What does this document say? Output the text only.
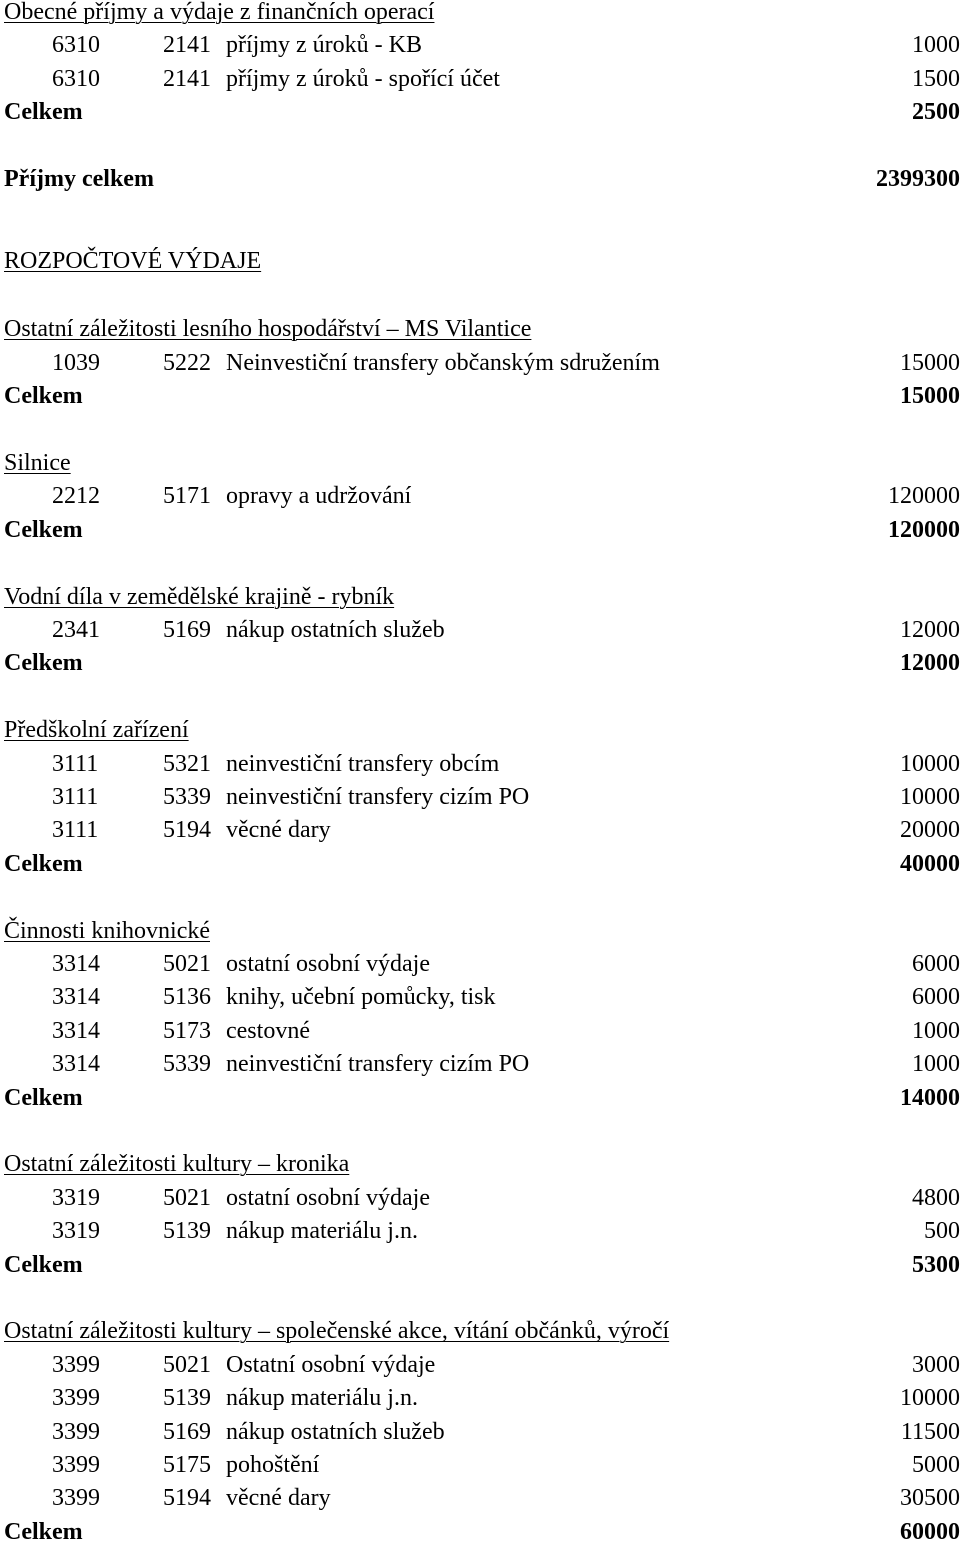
Obecné příjmy a výdaje z finančních operací
6310	2141 příjmy z úroků - KB	1000
6310	2141 příjmy z úroků - spořící účet	1500
Celkem	2500
Příjmy celkem	2399300
ROZPOČTOVÉ VÝDAJE
Ostatní záležitosti lesního hospodářství – MS Vilantice
1039	5222 Neinvestiční transfery občanským sdružením	15000
Celkem	15000
Silnice
2212	5171 opravy a udržování	120000
Celkem	120000
Vodní díla v zemědělské krajině - rybník
2341	5169 nákup ostatních služeb	12000
Celkem	12000
Předškolní zařízení
3111	5321 neinvestiční transfery obcím	10000
3111	5339 neinvestiční transfery cizím PO	10000
3111	5194 věcné dary	20000
Celkem	40000
Činnosti knihovnické
3314	5021 ostatní osobní výdaje	6000
3314	5136 knihy, učební pomůcky, tisk	6000
3314	5173 cestovné	1000
3314	5339 neinvestiční transfery cizím PO	1000
Celkem	14000
Ostatní záležitosti kultury – kronika
3319	5021 ostatní osobní výdaje	4800
3319	5139 nákup materiálu j.n.	500
Celkem	5300
Ostatní záležitosti kultury – společenské akce, vítání občánků, výročí
3399	5021 Ostatní osobní výdaje	3000
3399	5139 nákup materiálu j.n.	10000
3399	5169 nákup ostatních služeb	11500
3399	5175 pohoštění	5000
3399	5194 věcné dary	30500
Celkem	60000
